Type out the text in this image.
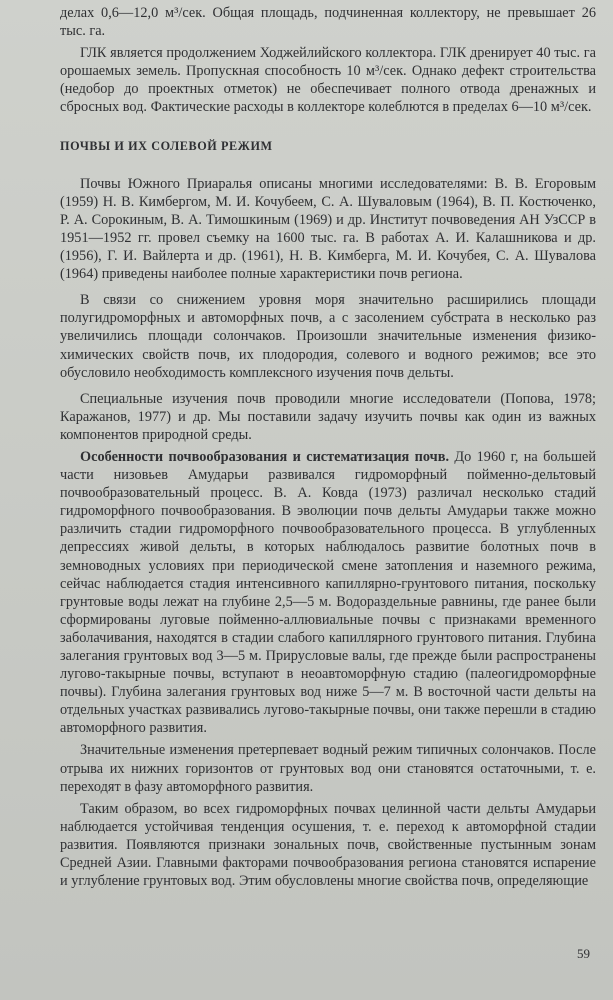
делах 0,6—12,0 м³/сек. Общая площадь, подчиненная коллектору, не превышает 26 тыс. га.

ГЛК является продолжением Ходжейлийского коллектора. ГЛК дренирует 40 тыс. га орошаемых земель. Пропускная способность 10 м³/сек. Однако дефект строительства (недобор до проектных отметок) не обеспечивает полного отвода дренажных и сбросных вод. Фактические расходы в коллекторе колеблются в пределах 6—10 м³/сек.

ПОЧВЫ И ИХ СОЛЕВОЙ РЕЖИМ

Почвы Южного Приаралья описаны многими исследователями: В. В. Егоровым (1959) Н. В. Кимбергом, М. И. Кочубеем, С. А. Шуваловым (1964), В. П. Костюченко, Р. А. Сорокиным, В. А. Тимошкиным (1969) и др. Институт почвоведения АН УзССР в 1951—1952 гг. провел съемку на 1600 тыс. га. В работах А. И. Калашникова и др. (1956), Г. И. Вайлерта и др. (1961), Н. В. Кимберга, М. И. Кочубея, С. А. Шувалова (1964) приведены наиболее полные характеристики почв региона.

В связи со снижением уровня моря значительно расширились площади полугидроморфных и автоморфных почв, а с засолением субстрата в несколько раз увеличились площади солончаков. Произошли значительные изменения физико-химических свойств почв, их плодородия, солевого и водного режимов; все это обусловило необходимость комплексного изучения почв дельты.

Специальные изучения почв проводили многие исследователи (Попова, 1978; Каражанов, 1977) и др. Мы поставили задачу изучить почвы как один из важных компонентов природной среды.

Особенности почвообразования и систематизация почв. До 1960 г, на большей части низовьев Амударьи развивался гидроморфный пойменно-дельтовый почвообразовательный процесс. В. А. Ковда (1973) различал несколько стадий гидроморфного почвообразования. В эволюции почв дельты Амударьи также можно различить стадии гидроморфного почвообразовательного процесса. В углубленных депрессиях живой дельты, в которых наблюдалось развитие болотных почв в земноводных условиях при периодической смене затопления и наземного режима, сейчас наблюдается стадия интенсивного капиллярно-грунтового питания, поскольку грунтовые воды лежат на глубине 2,5—5 м. Водораздельные равнины, где ранее были сформированы луговые пойменно-аллювиальные почвы с признаками временного заболачивания, находятся в стадии слабого капиллярного грунтового питания. Глубина залегания грунтовых вод 3—5 м. Прирусловые валы, где прежде были распространены лугово-такырные почвы, вступают в неоавтоморфную стадию (палеогидроморфные почвы). Глубина залегания грунтовых вод ниже 5—7 м. В восточной части дельты на отдельных участках развивались лугово-такырные почвы, они также перешли в стадию автоморфного развития.

Значительные изменения претерпевает водный режим типичных солончаков. После отрыва их нижних горизонтов от грунтовых вод они становятся остаточными, т. е. переходят в фазу автоморфного развития.

Таким образом, во всех гидроморфных почвах целинной части дельты Амударьи наблюдается устойчивая тенденция осушения, т. е. переход к автоморфной стадии развития. Появляются признаки зональных почв, свойственные пустынным зонам Средней Азии. Главными факторами почвообразования региона становятся испарение и углубление грунтовых вод. Этим обусловлены многие свойства почв, определяющие

59
